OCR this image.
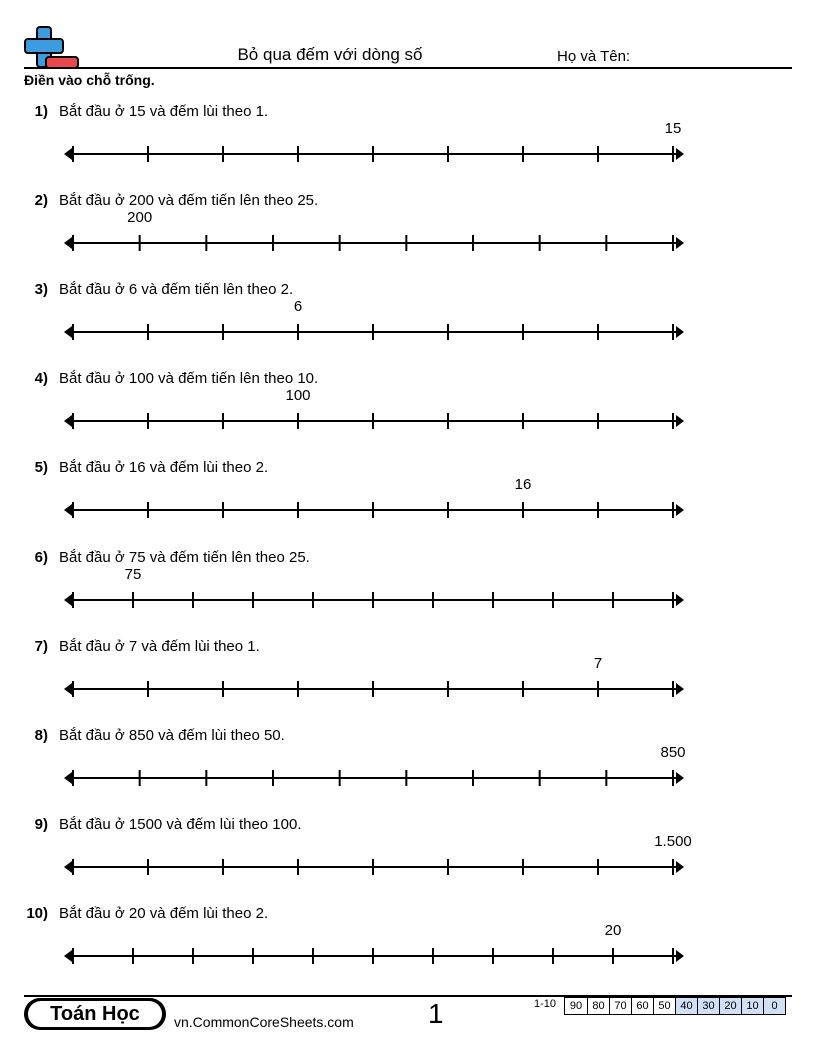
Bỏ qua đếm với dòng số	Họ và Tên:
Điền vào chỗ trống.
1) Bắt đầu ở 15 và đếm lùi theo 1.
15
2) Bắt đầu ở 200 và đếm tiến lên theo 25.
200
3) Bắt đầu ở 6 và đếm tiến lên theo 2.
6
4) Bắt đầu ở 100 và đếm tiến lên theo 10.
100
5) Bắt đầu ở 16 và đếm lùi theo 2.
16
6) Bắt đầu ở 75 và đếm tiến lên theo 25.
75
7) Bắt đầu ở 7 và đếm lùi theo 1.
7
8) Bắt đầu ở 850 và đếm lùi theo 50.
850
9) Bắt đầu ở 1500 và đếm lùi theo 100.
1.500
10) Bắt đầu ở 20 và đếm lùi theo 2.
20
Toán Học	vn.CommonCoreSheets.com	1	1-10	90 80 70 60 50 40 30 20 10	0
